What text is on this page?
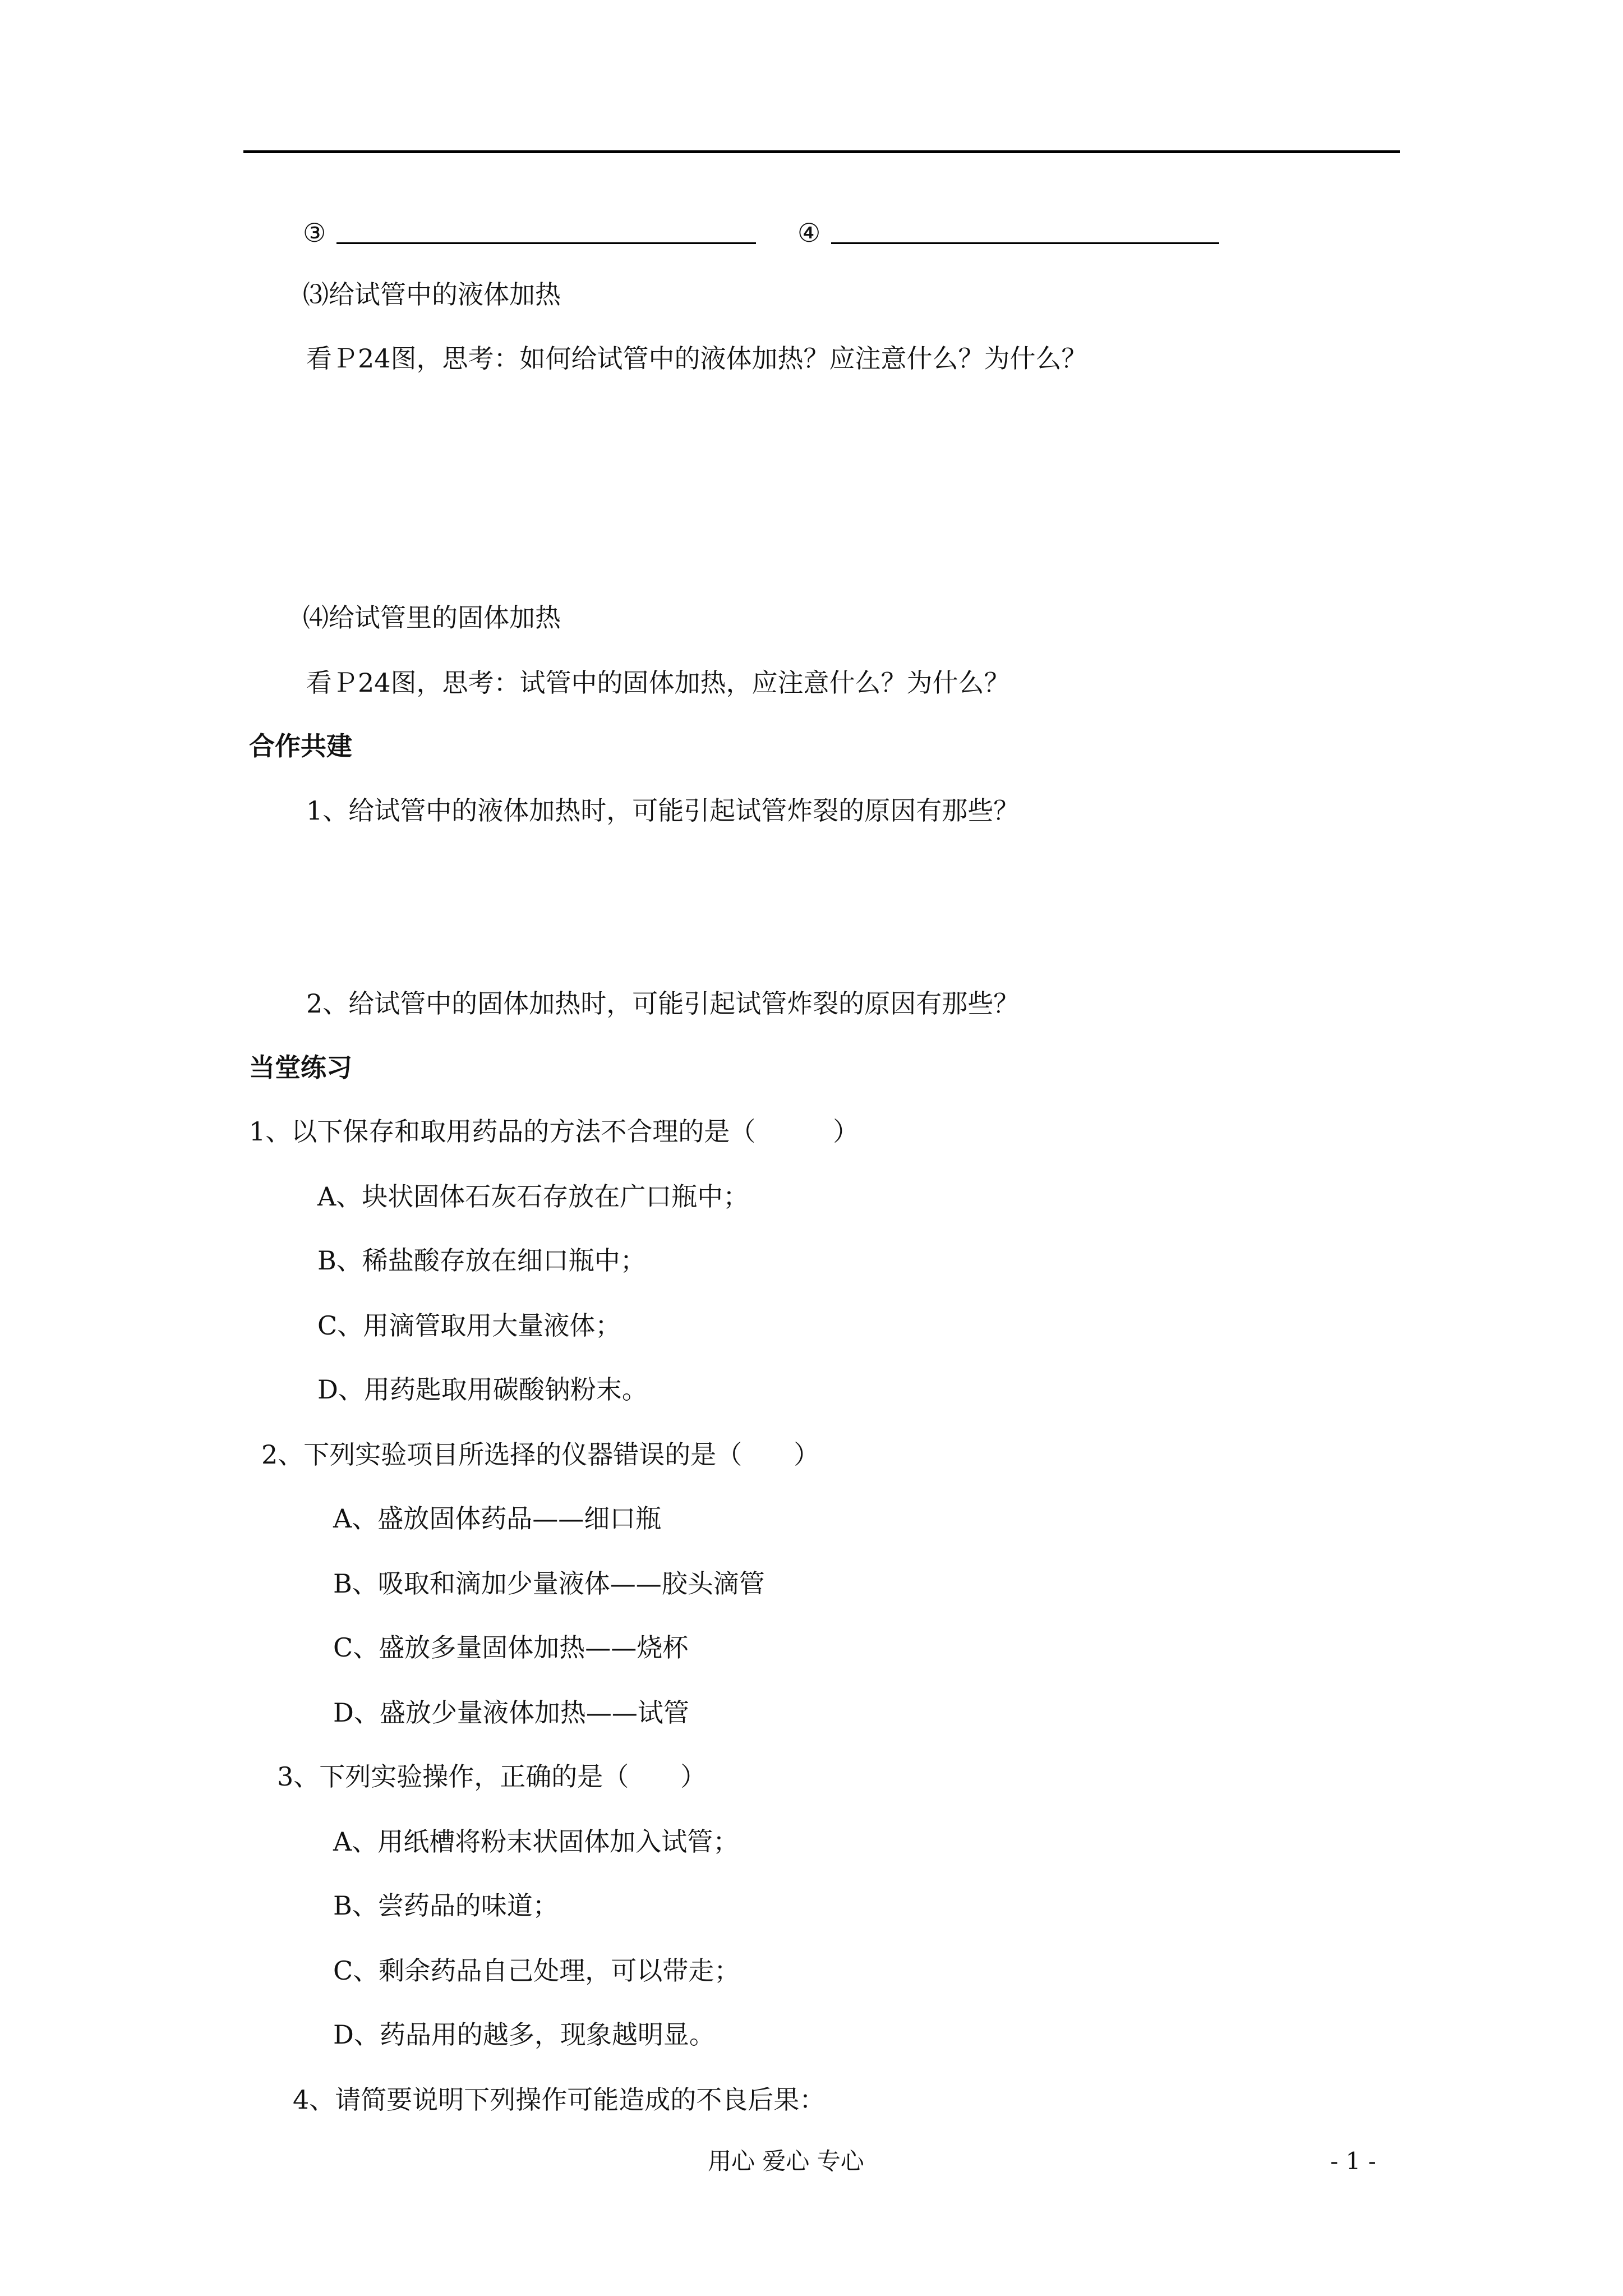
③	④
⑶给试管中的液体加热
看Ｐ24图，思考：如何给试管中的液体加热？应注意什么？为什么？
⑷给试管里的固体加热
看Ｐ24图，思考：试管中的固体加热，应注意什么？为什么？
合作共建
1、给试管中的液体加热时，可能引起试管炸裂的原因有那些？
2、给试管中的固体加热时，可能引起试管炸裂的原因有那些？
当堂练习
1、以下保存和取用药品的方法不合理的是（　　　）
A、块状固体石灰石存放在广口瓶中；
B、稀盐酸存放在细口瓶中；
C、用滴管取用大量液体；
D、用药匙取用碳酸钠粉末。
2、下列实验项目所选择的仪器错误的是（　　）
A、盛放固体药品——细口瓶
B、吸取和滴加少量液体——胶头滴管
C、盛放多量固体加热——烧杯
D、盛放少量液体加热——试管
3、下列实验操作，正确的是（　　）
A、用纸槽将粉末状固体加入试管；
B、尝药品的味道；
C、剩余药品自己处理，可以带走；
D、药品用的越多，现象越明显。
4、请简要说明下列操作可能造成的不良后果：
用心 爱心 专心	- 1 -
